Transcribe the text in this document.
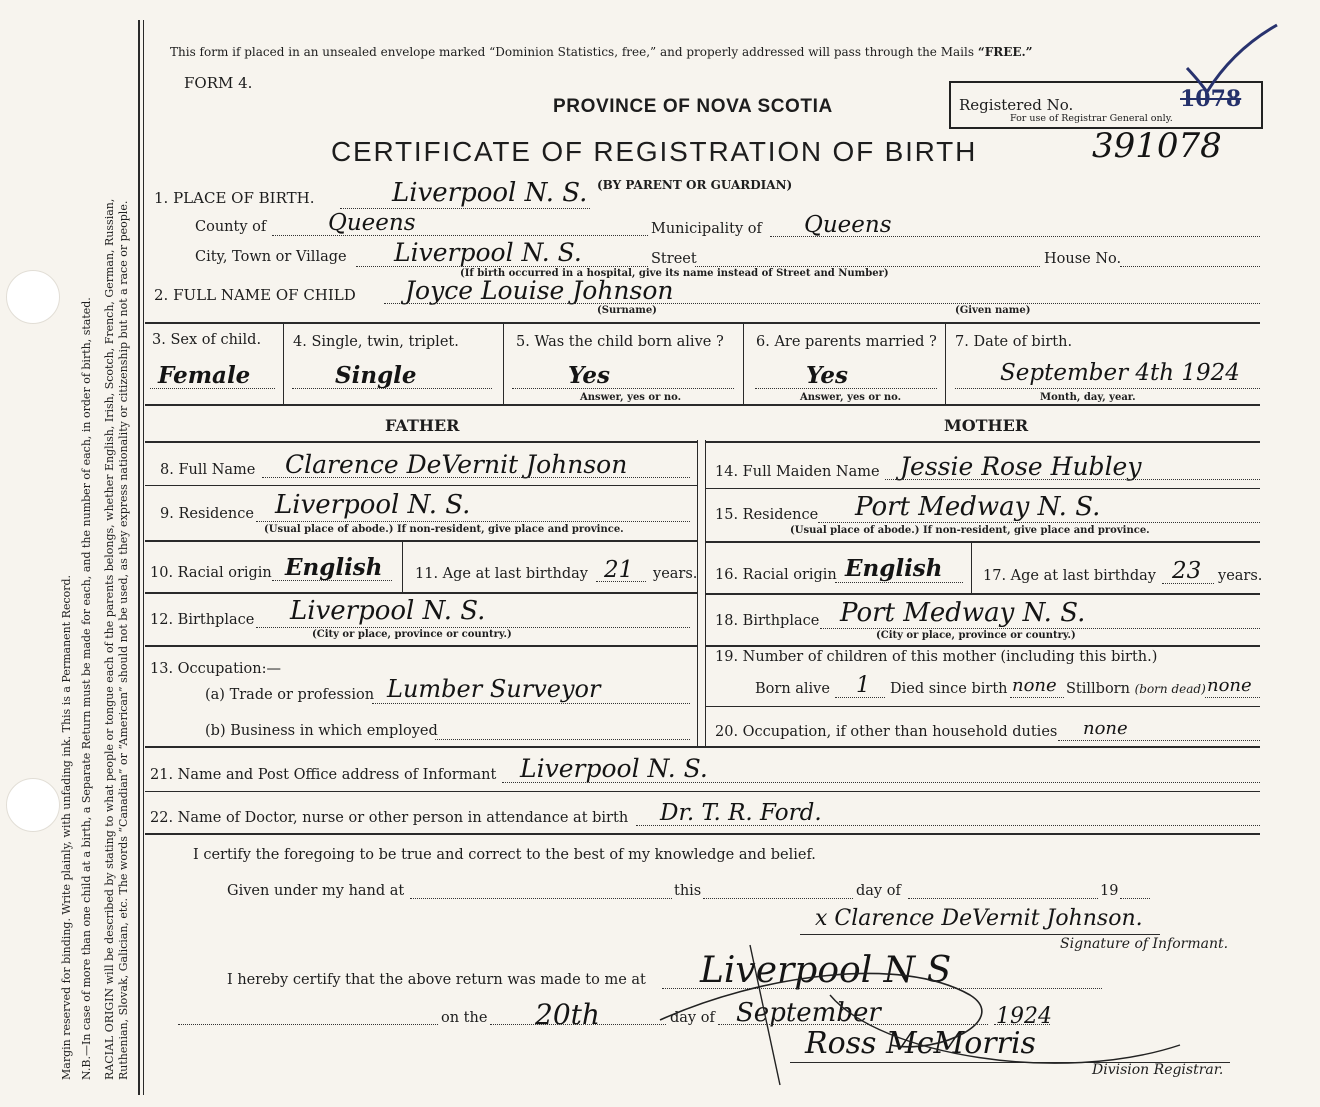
Margin reserved for binding. Write plainly, with unfading ink. This is a Permanent Record. N.B.—In case of more than one child at a birth, a Separate Return must be made for each, and the number of each, in order of birth, stated. RACIAL ORIGIN will be described by stating to what people or tongue each of the parents belongs, whether English, Irish, Scotch, French, German, Russian, Ruthenian, Slovak, Galician, etc. The words “Canadian” or “American” should not be used, as they express nationality or citizenship but not a race or people.
This form if placed in an unsealed envelope marked “Dominion Statistics, free,” and properly addressed will pass through the Mails “FREE.”
FORM 4.
PROVINCE OF NOVA SCOTIA
CERTIFICATE OF REGISTRATION OF BIRTH	391078
Registered No.	1078
For use of Registrar General only.
1. PLACE OF BIRTH.	Liverpool N. S. (BY PARENT OR GUARDIAN)
County of	Queens	Municipality of Queens
City, Town or Village Liverpool N. S.	Street	House No.
(If birth occurred in a hospital, give its name instead of Street and Number)
2. FULL NAME OF CHILD Joyce Louise Johnson
(Surname)	(Given name)
3. Sex of child.
Female
4. Single, twin, triplet.
Single
5. Was the child born alive ?
Yes
Answer, yes or no.
6. Are parents married ?
Yes
Answer, yes or no.
7. Date of birth.
September 4th 1924
Month, day, year.
FATHER	MOTHER
8. Full Name Clarence DeVernit Johnson
9. Residence Liverpool N. S.
(Usual place of abode.) If non-resident, give place and province.
10. Racial origin English 11. Age at last birthday 21 years.
12. Birthplace Liverpool N. S.
(City or place, province or country.)
13. Occupation:—
(a) Trade or profession Lumber Surveyor
(b) Business in which employed
14. Full Maiden Name Jessie Rose Hubley
15. Residence Port Medway N. S.
(Usual place of abode.) If non-resident, give place and province.
16. Racial origin English	17. Age at last birthday 23 years.
18. Birthplace Port Medway N. S.
(City or place, province or country.)
19. Number of children of this mother (including this birth.)
Born alive 1 Died since birth none Stillborn (born dead) none
20. Occupation, if other than household duties none
21. Name and Post Office address of Informant Liverpool N. S.
22. Name of Doctor, nurse or other person in attendance at birth Dr. T. R. Ford.
I certify the foregoing to be true and correct to the best of my knowledge and belief.
Given under my hand at	this	day of	19
x Clarence DeVernit Johnson.
Signature of Informant.
I hereby certify that the above return was made to me at Liverpool N S
on the 20th	day of September	1924
Ross McMorris
Division Registrar.
